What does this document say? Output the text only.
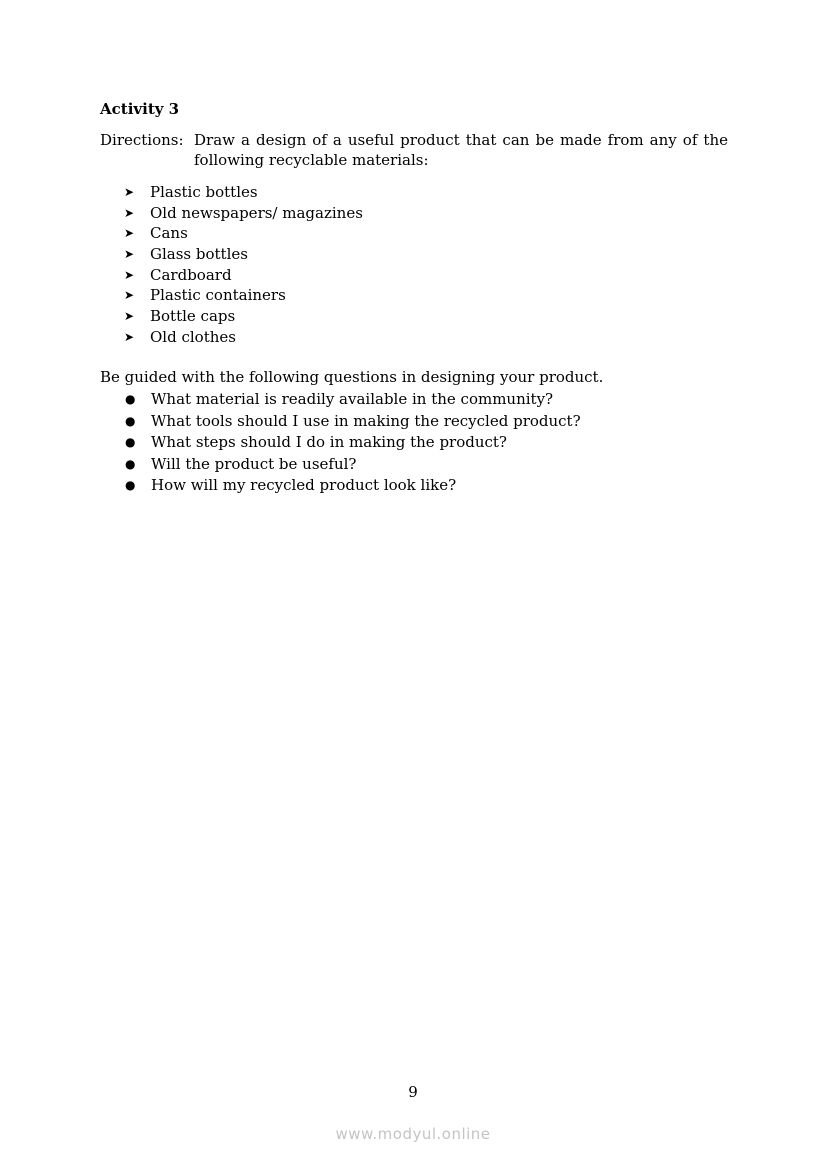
Activity 3
Directions: Draw a design of a useful product that can be made from any of the following recyclable materials:
➤	Plastic bottles
➤	Old newspapers/ magazines
➤	Cans
➤	Glass bottles
➤	Cardboard
➤	Plastic containers
➤	Bottle caps
➤	Old clothes
Be guided with the following questions in designing your product.
●	What material is readily available in the community?
●	What tools should I use in making the recycled product?
●	What steps should I do in making the product?
●	Will the product be useful?
●	How will my recycled product look like?
9
www.modyul.online
